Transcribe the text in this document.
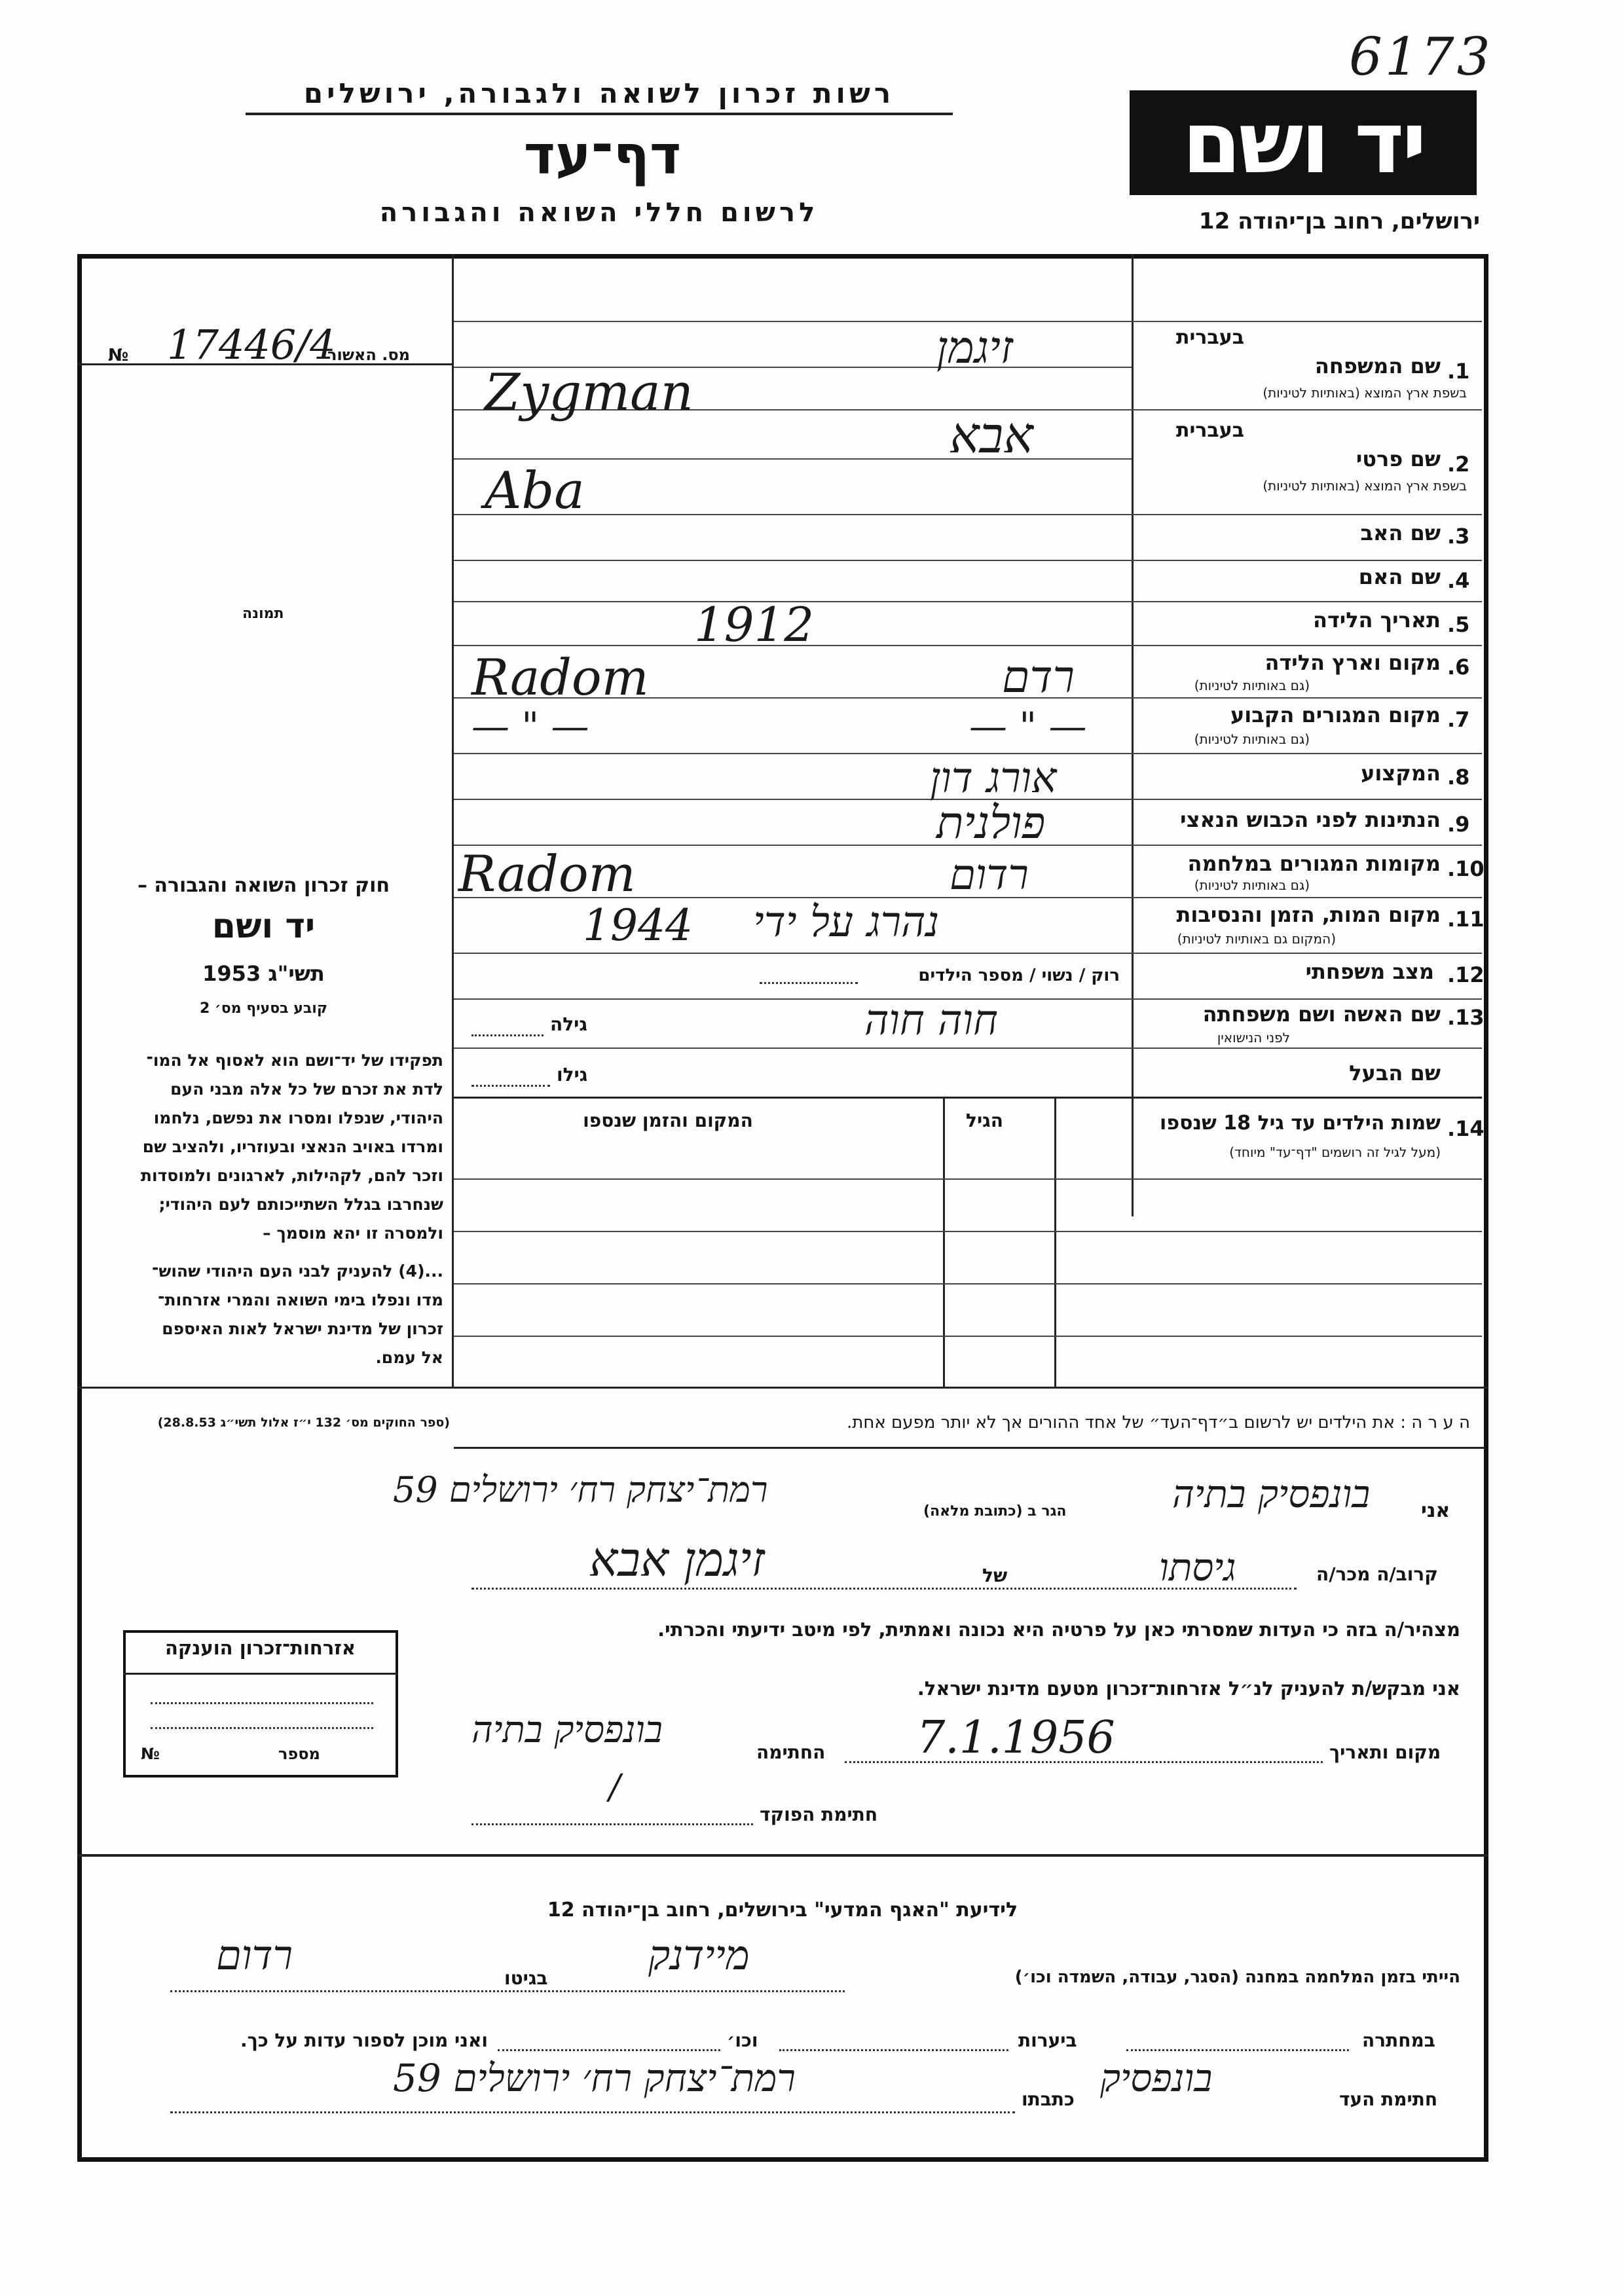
רשות זכרון לשואה ולגבורה, ירושלים
דף־עד
לרשום חללי השואה והגבורה
6173
יד ושם
ירושלים, רחוב בן־יהודה 12
מס. האשור
17446/4
№
תמונה
בעברית
1.
שם המשפחה
בשפת ארץ המוצא (באותיות לטיניות)
זיגמן
Zygman
בעברית
2.
שם פרטי
בשפת ארץ המוצא (באותיות לטיניות)
אבא
Aba
3.
שם האב
4.
שם האם
5.
תאריך הלידה
1912
6.
מקום וארץ הלידה
(גם באותיות לטיניות)
Radom	רדם
7.
מקום המגורים הקבוע
(גם באותיות לטיניות)
— " —	— " —
8.
המקצוע
אורג דון
9.
הנתינות לפני הכבוש הנאצי
פולנית
10.
מקומות המגורים במלחמה
(גם באותיות לטיניות)
Radom	רדום
11.
מקום המות, הזמן והנסיבות
(המקום גם באותיות לטיניות)
1944 נהרג על ידי
12.
מצב משפחתי
רוק / נשוי / מספר הילדים
13.
שם האשה ושם משפחתה
לפני הנישואין
חוה חוה
גילה
שם הבעל
גילו
14.
שמות הילדים עד גיל 18 שנספו
(מעל לגיל זה רושמים "דף־עד" מיוחד)
הגיל
המקום והזמן שנספו
חוק זכרון השואה והגבורה –
יד ושם
תשי"ג 1953
קובע בסעיף מס׳ 2
תפקידו של יד־ושם הוא לאסוף אל המו־
לדת את זכרם של כל אלה מבני העם
היהודי, שנפלו ומסרו את נפשם, נלחמו
ומרדו באויב הנאצי ובעוזריו, ולהציב שם
וזכר להם, לקהילות, לארגונים ולמוסדות
שנחרבו בגלל השתייכותם לעם היהודי;
ולמסרה זו יהא מוסמך –
...(4) להעניק לבני העם היהודי שהוש־
מדו ונפלו בימי השואה והמרי אזרחות־
זכרון של מדינת ישראל לאות האיספם
אל עמם.
(ספר החוקים מס׳ 132 י״ז אלול תשי״ג 28.8.53)	ה ע ר ה : את הילדים יש לרשום ב״דף־העד״ של אחד ההורים אך לא יותר מפעם אחת.
אני
בונפסיק בתיה
הגר ב (כתובת מלאה)
רמת־יצחק רח׳ ירושלים 59
קרוב/ה מכר/ה
גיסתו
של
זיגמן אבא
מצהיר/ה בזה כי העדות שמסרתי כאן על פרטיה היא נכונה ואמתית, לפי מיטב ידיעתי והכרתי.
אני מבקש/ת להעניק לנ״ל אזרחות־זכרון מטעם מדינת ישראל.
מקום ותאריך
7.1.1956
החתימה
בונפסיק בתיה
/
חתימת הפוקד
אזרחות־זכרון הוענקה
מספר
№
לידיעת "האגף המדעי" בירושלים, רחוב בן־יהודה 12
הייתי בזמן המלחמה במחנה (הסגר, עבודה, השמדה וכו׳)
מיידנק
בגיטו
רדום
במחתרה
ביערות
וכו׳
ואני מוכן לספור עדות על כך.
חתימת העד
בונפסיק
כתבתו
רמת־יצחק רח׳ ירושלים 59
